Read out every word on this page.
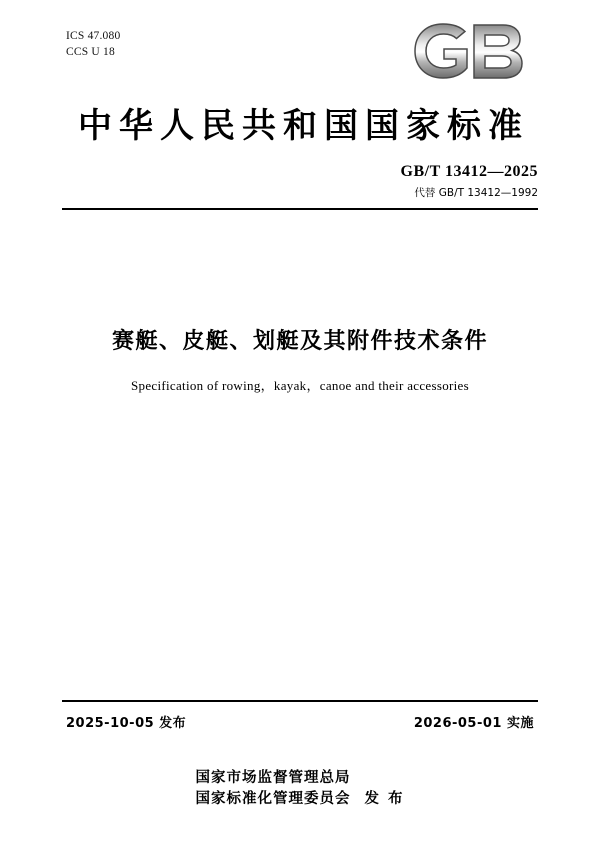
ICS 47.080
CCS U 18
中华人民共和国国家标准
GB/T 13412—2025
代替 GB/T 13412—1992
赛艇、皮艇、划艇及其附件技术条件
Specification of rowing，kayak，canoe and their accessories
2025-10-05 发布	2026-05-01 实施
国家市场监督管理总局
国家标准化管理委员会 发 布
